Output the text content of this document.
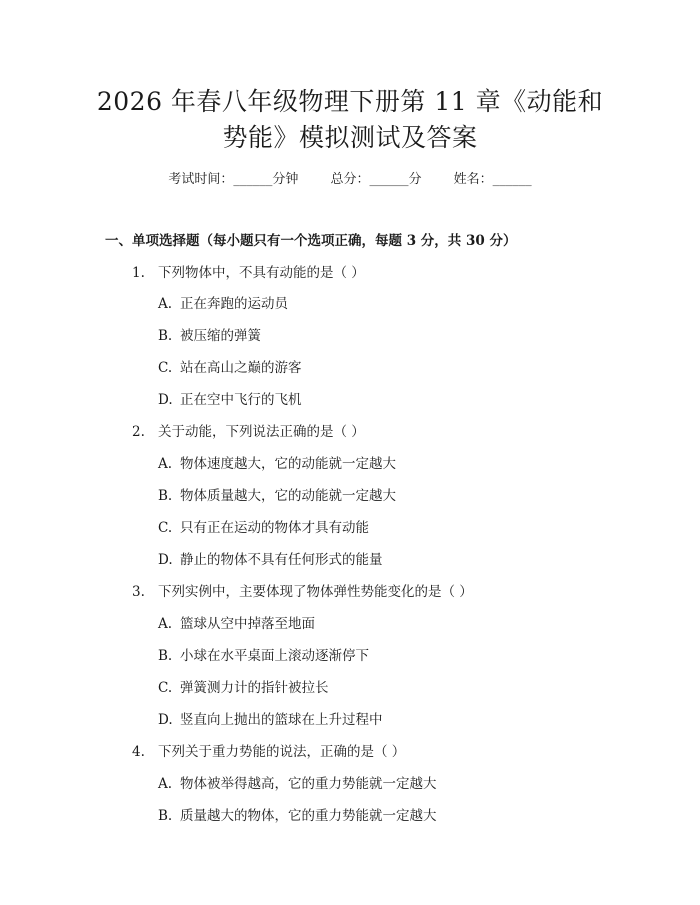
2026 年春八年级物理下册第 11 章《动能和
势能》模拟测试及答案
考试时间：______分钟 总分：______分 姓名：______
一、单项选择题（每小题只有一个选项正确，每题 3 分，共 30 分）
1. 下列物体中，不具有动能的是（ ）
A. 正在奔跑的运动员
B. 被压缩的弹簧
C. 站在高山之巅的游客
D. 正在空中飞行的飞机
2. 关于动能，下列说法正确的是（ ）
A. 物体速度越大，它的动能就一定越大
B. 物体质量越大，它的动能就一定越大
C. 只有正在运动的物体才具有动能
D. 静止的物体不具有任何形式的能量
3. 下列实例中，主要体现了物体弹性势能变化的是（ ）
A. 篮球从空中掉落至地面
B. 小球在水平桌面上滚动逐渐停下
C. 弹簧测力计的指针被拉长
D. 竖直向上抛出的篮球在上升过程中
4. 下列关于重力势能的说法，正确的是（ ）
A. 物体被举得越高，它的重力势能就一定越大
B. 质量越大的物体，它的重力势能就一定越大
